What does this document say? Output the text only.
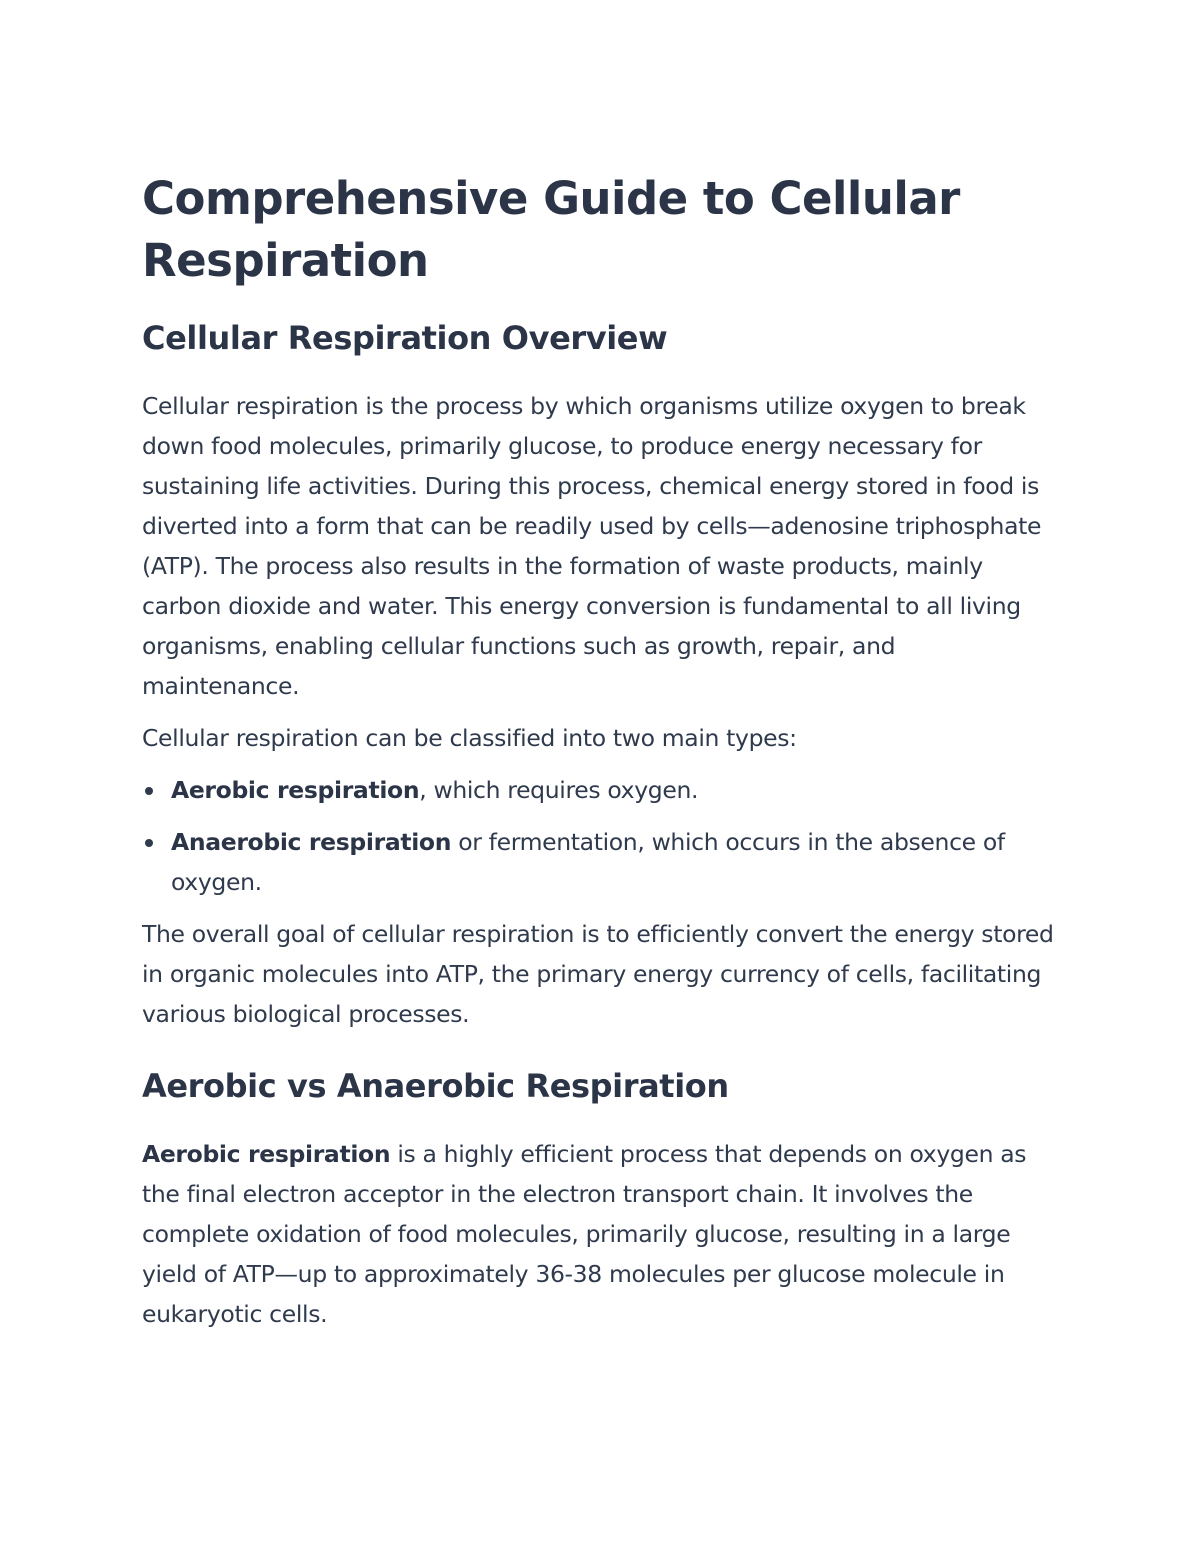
Comprehensive Guide to Cellular Respiration
Cellular Respiration Overview

Cellular respiration is the process by which organisms utilize oxygen to break down food molecules, primarily glucose, to produce energy necessary for sustaining life activities. During this process, chemical energy stored in food is diverted into a form that can be readily used by cells—adenosine triphosphate (ATP). The process also results in the formation of waste products, mainly carbon dioxide and water. This energy conversion is fundamental to all living organisms, enabling cellular functions such as growth, repair, and maintenance.

Cellular respiration can be classified into two main types:

Aerobic respiration, which requires oxygen.
Anaerobic respiration or fermentation, which occurs in the absence of oxygen.

The overall goal of cellular respiration is to efficiently convert the energy stored in organic molecules into ATP, the primary energy currency of cells, facilitating various biological processes.

Aerobic vs Anaerobic Respiration

Aerobic respiration is a highly efficient process that depends on oxygen as the final electron acceptor in the electron transport chain. It involves the complete oxidation of food molecules, primarily glucose, resulting in a large yield of ATP—up to approximately 36-38 molecules per glucose molecule in eukaryotic cells.
